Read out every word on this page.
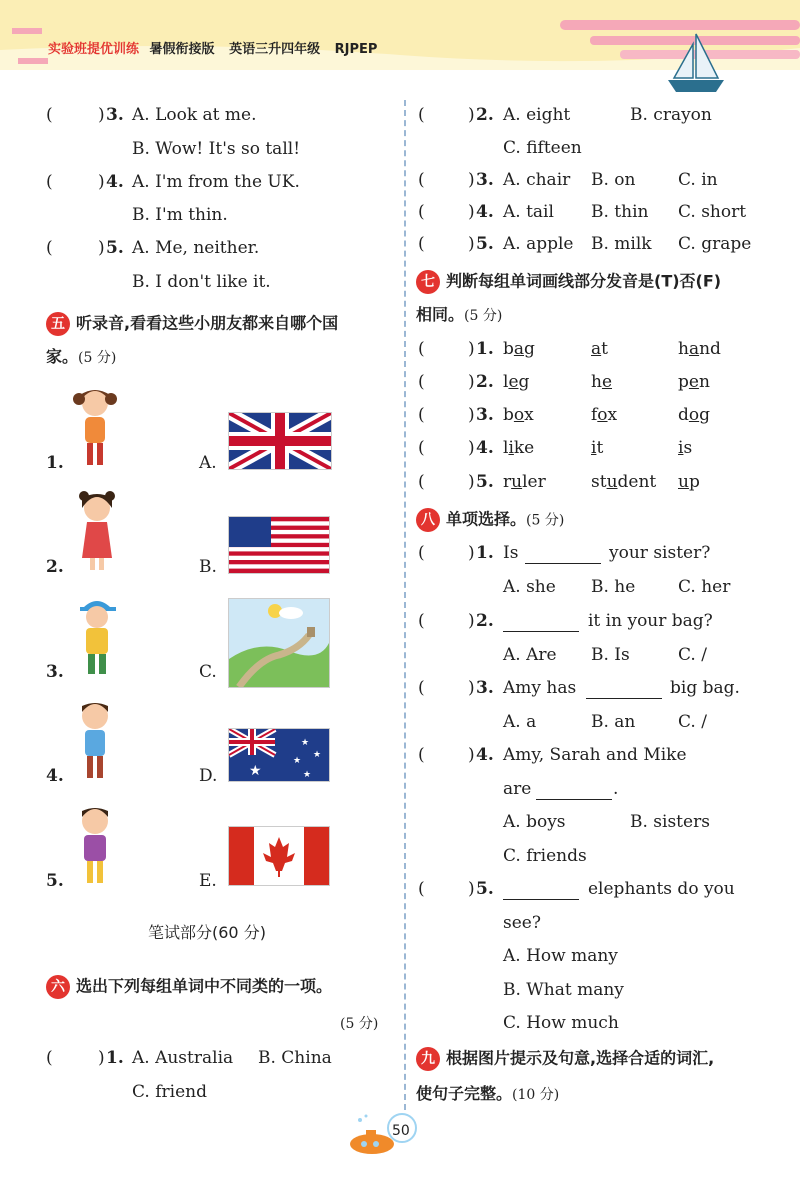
实验班提优训练 暑假衔接版 英语三升四年级 RJPEP
(	) 3. A. Look at me.
B. Wow! It's so tall!
(	) 4. A. I'm from the UK.
B. I'm thin.
(	) 5. A. Me, neither.
B. I don't like it.
五 听录音,看看这些小朋友都来自哪个国
家。(5 分)
1.
2.
3.
4.
5.
A.
B.
C.
D.
E.
★
★
★
★
★
笔试部分(60 分)
六 选出下列每组单词中不同类的一项。
(5 分)
(	) 1. A. Australia B. China
C. friend
(	) 2. A. eight	B. crayon
C. fifteen
(	) 3. A. chair B. on	C. in
(	) 4. A. tail B. thin C. short
(	) 5. A. apple B. milk C. grape
七 判断每组单词画线部分发音是(T)否(F)
相同。(5 分)
(	) 1. bag	at	hand
(	) 2. leg	he	pen
(	) 3. box	fox	dog
(	) 4. like	it	is
(	) 5. ruler	student up
八 单项选择。(5 分)
(	) 1. Is	your sister?
A. she B. he	C. her
(	) 2.	it in your bag?
A. Are B. Is	C. /
(	) 3. Amy has	big bag.
A. a	B. an	C. /
(	) 4. Amy, Sarah and Mike
are	.
A. boys	B. sisters
C. friends
(	) 5.	elephants do you
see?
A. How many
B. What many
C. How much
九 根据图片提示及句意,选择合适的词汇,
使句子完整。(10 分)
50
